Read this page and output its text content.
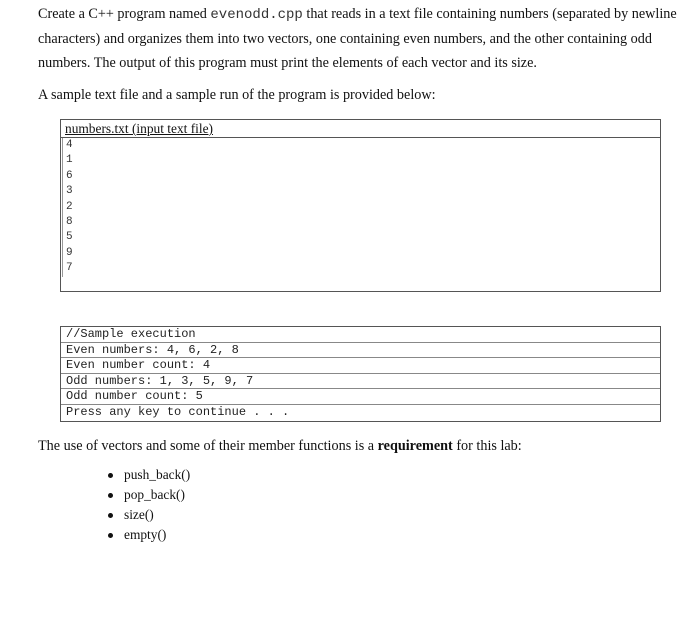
Create a C++ program named evenodd.cpp that reads in a text file containing numbers (separated by newline characters) and organizes them into two vectors, one containing even numbers, and the other containing odd numbers. The output of this program must print the elements of each vector and its size.
A sample text file and a sample run of the program is provided below:
numbers.txt (input text file)
4
1
6
3
2
8
5
9
7
//Sample execution
Even numbers: 4, 6, 2, 8
Even number count: 4
Odd numbers: 1, 3, 5, 9, 7
Odd number count: 5
Press any key to continue . . .
The use of vectors and some of their member functions is a requirement for this lab:
push_back()
pop_back()
size()
empty()
